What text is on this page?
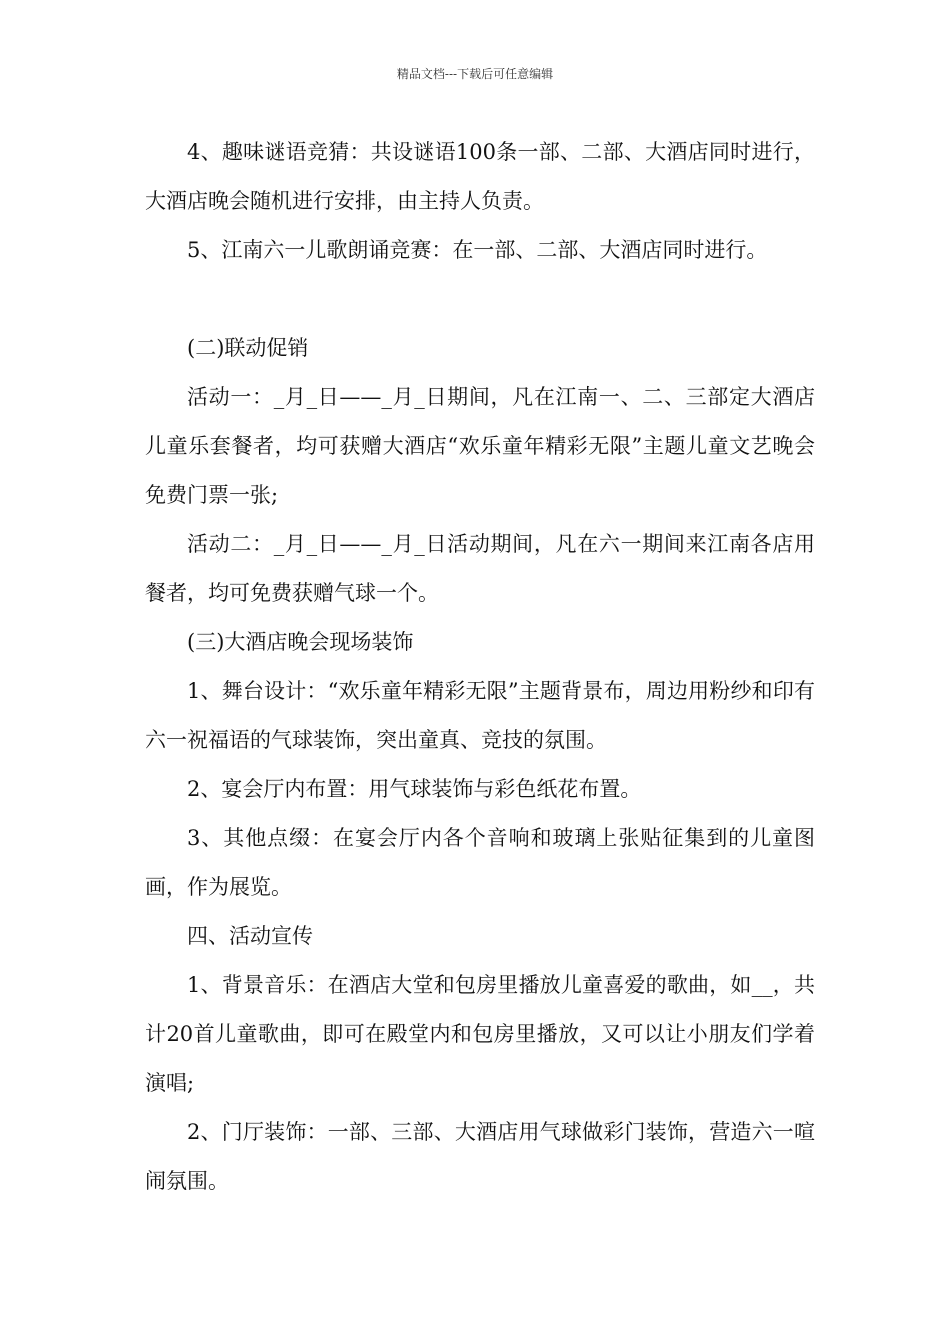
精品文档---下载后可任意编辑

4、趣味谜语竞猜：共设谜语100条一部、二部、大酒店同时进行，大酒店晚会随机进行安排，由主持人负责。

5、江南六一儿歌朗诵竞赛：在一部、二部、大酒店同时进行。

(二)联动促销

活动一：_月_日——_月_日期间，凡在江南一、二、三部定大酒店儿童乐套餐者，均可获赠大酒店“欢乐童年精彩无限”主题儿童文艺晚会免费门票一张;

活动二：_月_日——_月_日活动期间，凡在六一期间来江南各店用餐者，均可免费获赠气球一个。

(三)大酒店晚会现场装饰

1、舞台设计：“欢乐童年精彩无限”主题背景布，周边用粉纱和印有六一祝福语的气球装饰，突出童真、竞技的氛围。

2、宴会厅内布置：用气球装饰与彩色纸花布置。

3、其他点缀：在宴会厅内各个音响和玻璃上张贴征集到的儿童图画，作为展览。

四、活动宣传

1、背景音乐：在酒店大堂和包房里播放儿童喜爱的歌曲，如__，共计20首儿童歌曲，即可在殿堂内和包房里播放，又可以让小朋友们学着演唱;

2、门厅装饰：一部、三部、大酒店用气球做彩门装饰，营造六一喧闹氛围。
